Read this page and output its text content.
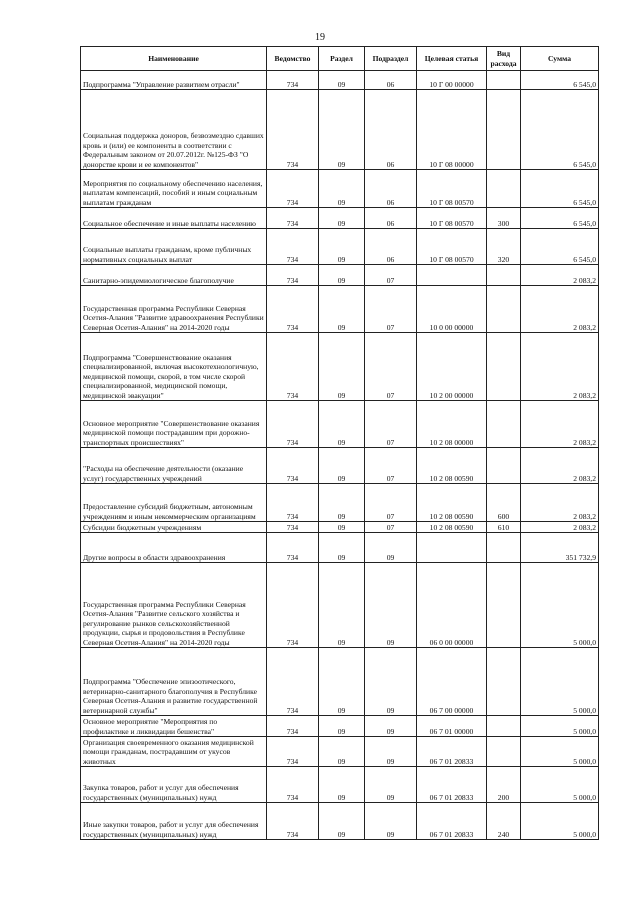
19
Наименование	Ведомство	Раздел	Подраздел	Целевая статья	Вид расхода	Сумма
Подпрограмма "Управление развитием отрасли"	734	09	06	10 Г 00 00000		6 545,0
Социальная поддержка доноров, безвозмездно сдавших кровь и (или) ее компоненты в соответствии с Федеральным законом от 20.07.2012г. №125-ФЗ "О донорстве крови и ее компонентов"	734	09	06	10 Г 08 00000		6 545,0
Мероприятия по социальному обеспечению населения, выплатам компенсаций, пособий и иным социальным выплатам гражданам	734	09	06	10 Г 08 00570		6 545,0
Социальное обеспечение и иные выплаты населению	734	09	06	10 Г 08 00570	300	6 545,0
Социальные выплаты гражданам, кроме публичных нормативных социальных выплат	734	09	06	10 Г 08 00570	320	6 545,0
Санитарно-эпидемиологическое благополучие	734	09	07			2 083,2
Государственная программа Республики Северная Осетия-Алания "Развитие здравоохранения Республики Северная Осетия-Алания" на 2014-2020 годы	734	09	07	10 0 00 00000		2 083,2
Подпрограмма "Совершенствование оказания специализированной, включая высокотехнологичную, медицинской помощи, скорой, в том числе скорой специализированной, медицинской помощи, медицинской эвакуации"	734	09	07	10 2 00 00000		2 083,2
Основное мероприятие "Совершенствование оказания медицинской помощи пострадавшим при дорожно-транспортных происшествиях"	734	09	07	10 2 08 00000		2 083,2
"Расходы на обеспечение деятельности (оказание услуг) государственных учреждений	734	09	07	10 2 08 00590		2 083,2
Предоставление субсидий бюджетным, автономным учреждениям и иным некоммерческим организациям	734	09	07	10 2 08 00590	600	2 083,2
Субсидии бюджетным учреждениям	734	09	07	10 2 08 00590	610	2 083,2
Другие вопросы в области здравоохранения	734	09	09			351 732,9
Государственная программа Республики Северная Осетия-Алания "Развитие сельского хозяйства и регулирование рынков сельскохозяйственной продукции, сырья и продовольствия в Республике Северная Осетия-Алания" на 2014-2020 годы	734	09	09	06 0 00 00000		5 000,0
Подпрограмма "Обеспечение эпизоотического, ветеринарно-санитарного благополучия в Республике Северная Осетия-Алания и развитие государственной ветеринарной службы"	734	09	09	06 7 00 00000		5 000,0
Основное мероприятие "Мероприятия по профилактике и ликвидации бешенства"	734	09	09	06 7 01 00000		5 000,0
Организация своевременного оказания медицинской помощи гражданам, пострадавшим от укусов животных	734	09	09	06 7 01 20833		5 000,0
Закупка товаров, работ и услуг для обеспечения государственных (муниципальных) нужд	734	09	09	06 7 01 20833	200	5 000,0
Иные закупки товаров, работ и услуг для обеспечения государственных (муниципальных) нужд	734	09	09	06 7 01 20833	240	5 000,0
